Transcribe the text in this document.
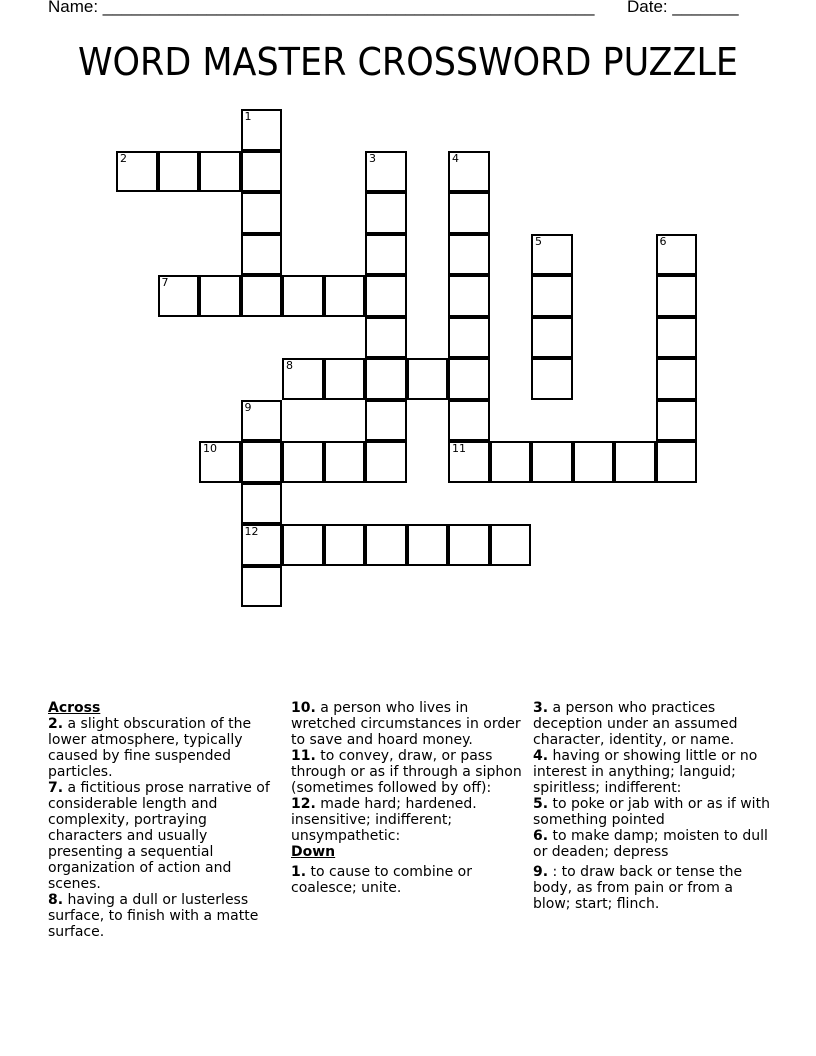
Name: ____________________________________________________ Date: _______
WORD MASTER CROSSWORD PUZZLE
1
2	3	4
11
5	6
7
8
9
12
10
Across
2. a slight obscuration of the lower atmosphere, typically caused by fine suspended particles.
7. a fictitious prose narrative of considerable length and complexity, portraying characters and usually presenting a sequential organization of action and scenes.
8. having a dull or lusterless surface, to finish with a matte surface.
10. a person who lives in wretched circumstances in order to save and hoard money.
11. to convey, draw, or pass through or as if through a siphon (sometimes followed by off):
12. made hard; hardened. insensitive; indifferent; unsympathetic:
Down
1. to cause to combine or coalesce; unite.
3. a person who practices deception under an assumed character, identity, or name.
4. having or showing little or no interest in anything; languid; spiritless; indifferent:
5. to poke or jab with or as if with something pointed
6. to make damp; moisten to dull or deaden; depress
9. : to draw back or tense the body, as from pain or from a blow; start; flinch.
